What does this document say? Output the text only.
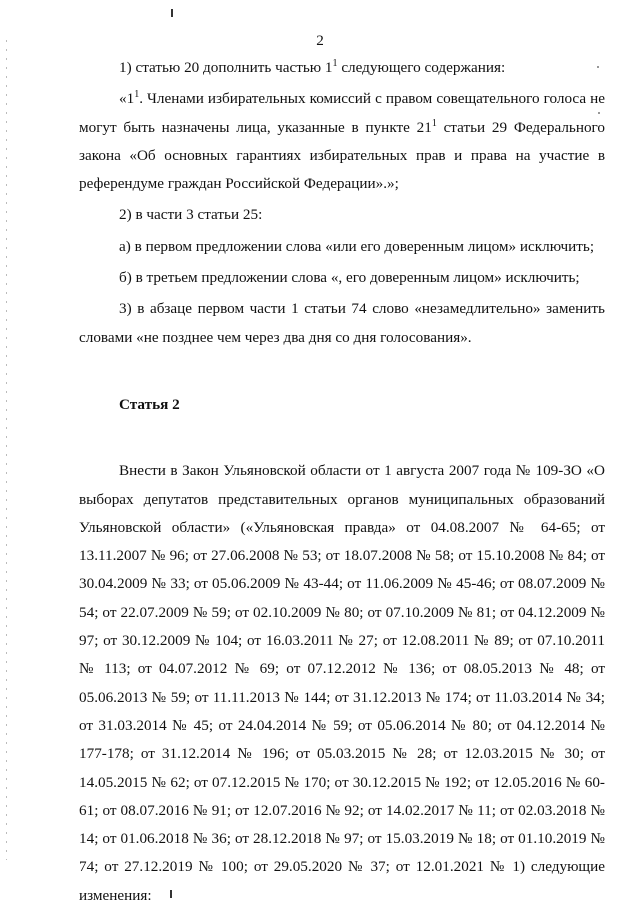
2

1) статью 20 дополнить частью $1^1$ следующего содержания:

«$1^1$. Членами избирательных комиссий с правом совещательного голоса не могут быть назначены лица, указанные в пункте $21^1$ статьи 29 Федерального закона «Об основных гарантиях избирательных прав и права на участие в референдуме граждан Российской Федерации».»;

2) в части 3 статьи 25:

а) в первом предложении слова «или его доверенным лицом» исключить;

б) в третьем предложении слова «, его доверенным лицом» исключить;

3) в абзаце первом части 1 статьи 74 слово «незамедлительно» заменить словами «не позднее чем через два дня со дня голосования».

Статья 2

Внести в Закон Ульяновской области от 1 августа 2007 года № 109-ЗО «О выборах депутатов представительных органов муниципальных образований Ульяновской области» («Ульяновская правда» от 04.08.2007 № 64-65; от 13.11.2007 № 96; от 27.06.2008 № 53; от 18.07.2008 № 58; от 15.10.2008 № 84; от 30.04.2009 № 33; от 05.06.2009 № 43-44; от 11.06.2009 № 45-46; от 08.07.2009 № 54; от 22.07.2009 № 59; от 02.10.2009 № 80; от 07.10.2009 № 81; от 04.12.2009 № 97; от 30.12.2009 № 104; от 16.03.2011 № 27; от 12.08.2011 № 89; от 07.10.2011 № 113; от 04.07.2012 № 69; от 07.12.2012 № 136; от 08.05.2013 № 48; от 05.06.2013 № 59; от 11.11.2013 № 144; от 31.12.2013 № 174; от 11.03.2014 № 34; от 31.03.2014 № 45; от 24.04.2014 № 59; от 05.06.2014 № 80; от 04.12.2014 № 177-178; от 31.12.2014 № 196; от 05.03.2015 № 28; от 12.03.2015 № 30; от 14.05.2015 № 62; от 07.12.2015 № 170; от 30.12.2015 № 192; от 12.05.2016 № 60-61; от 08.07.2016 № 91; от 12.07.2016 № 92; от 14.02.2017 № 11; от 02.03.2018 № 14; от 01.06.2018 № 36; от 28.12.2018 № 97; от 15.03.2019 № 18; от 01.10.2019 № 74; от 27.12.2019 № 100; от 29.05.2020 № 37; от 12.01.2021 № 1) следующие изменения:
